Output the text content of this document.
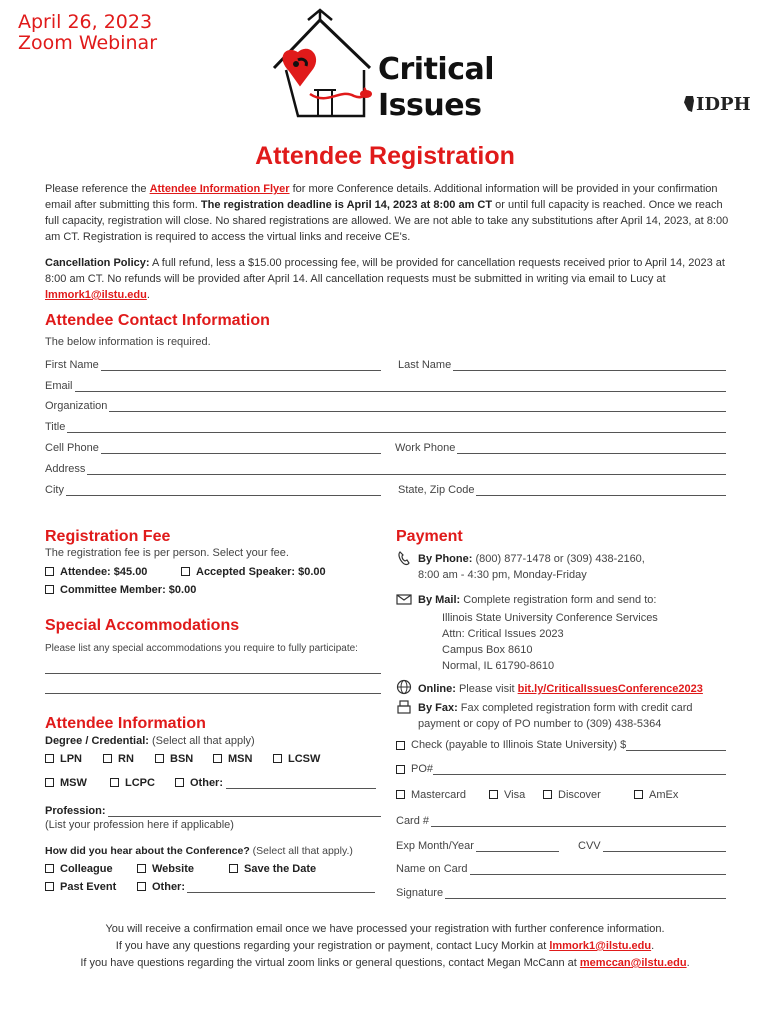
April 26, 2023
Zoom Webinar
Critical
Issues	IDPH
Attendee Registration
Please reference the Attendee Information Flyer for more Conference details. Additional information will be provided in your confirmation email after submitting this form. The registration deadline is April 14, 2023 at 8:00 am CT or until full capacity is reached. Once we reach full capacity, registration will close. No shared registrations are allowed. We are not able to take any substitutions after April 14, 2023, at 8:00 am CT. Registration is required to access the virtual links and receive CE's.
Cancellation Policy: A full refund, less a $15.00 processing fee, will be provided for cancellation requests received prior to April 14, 2023 at 8:00 am CT. No refunds will be provided after April 14. All cancellation requests must be submitted in writing via email to Lucy at lmmork1@ilstu.edu.
Attendee Contact Information
The below information is required.
First Name	Last Name
Email
Organization
Title
Cell Phone	Work Phone
Address
City	State, Zip Code
Registration Fee
The registration fee is per person. Select your fee.
Attendee: $45.00	Accepted Speaker: $0.00
Committee Member: $0.00
Special Accommodations
Please list any special accommodations you require to fully participate:
Attendee Information
Degree / Credential: (Select all that apply)
LPN	RN	BSN	MSN	LCSW
MSW	LCPC	Other:
Profession:
(List your profession here if applicable)
How did you hear about the Conference? (Select all that apply.)
Colleague	Website	Save the Date
Past Event	Other:
Payment
By Phone: (800) 877-1478 or (309) 438-2160,
8:00 am - 4:30 pm, Monday-Friday
By Mail: Complete registration form and send to:
Illinois State University Conference Services
Attn: Critical Issues 2023
Campus Box 8610
Normal, IL 61790-8610
Online: Please visit bit.ly/CriticalIssuesConference2023
By Fax: Fax completed registration form with credit card
payment or copy of PO number to (309) 438-5364
Check (payable to Illinois State University) $
PO#
Mastercard	Visa	Discover	AmEx
Card #
Exp Month/Year	CVV
Name on Card
Signature
You will receive a confirmation email once we have processed your registration with further conference information.
If you have any questions regarding your registration or payment, contact Lucy Morkin at lmmork1@ilstu.edu.
If you have questions regarding the virtual zoom links or general questions, contact Megan McCann at memccan@ilstu.edu.
